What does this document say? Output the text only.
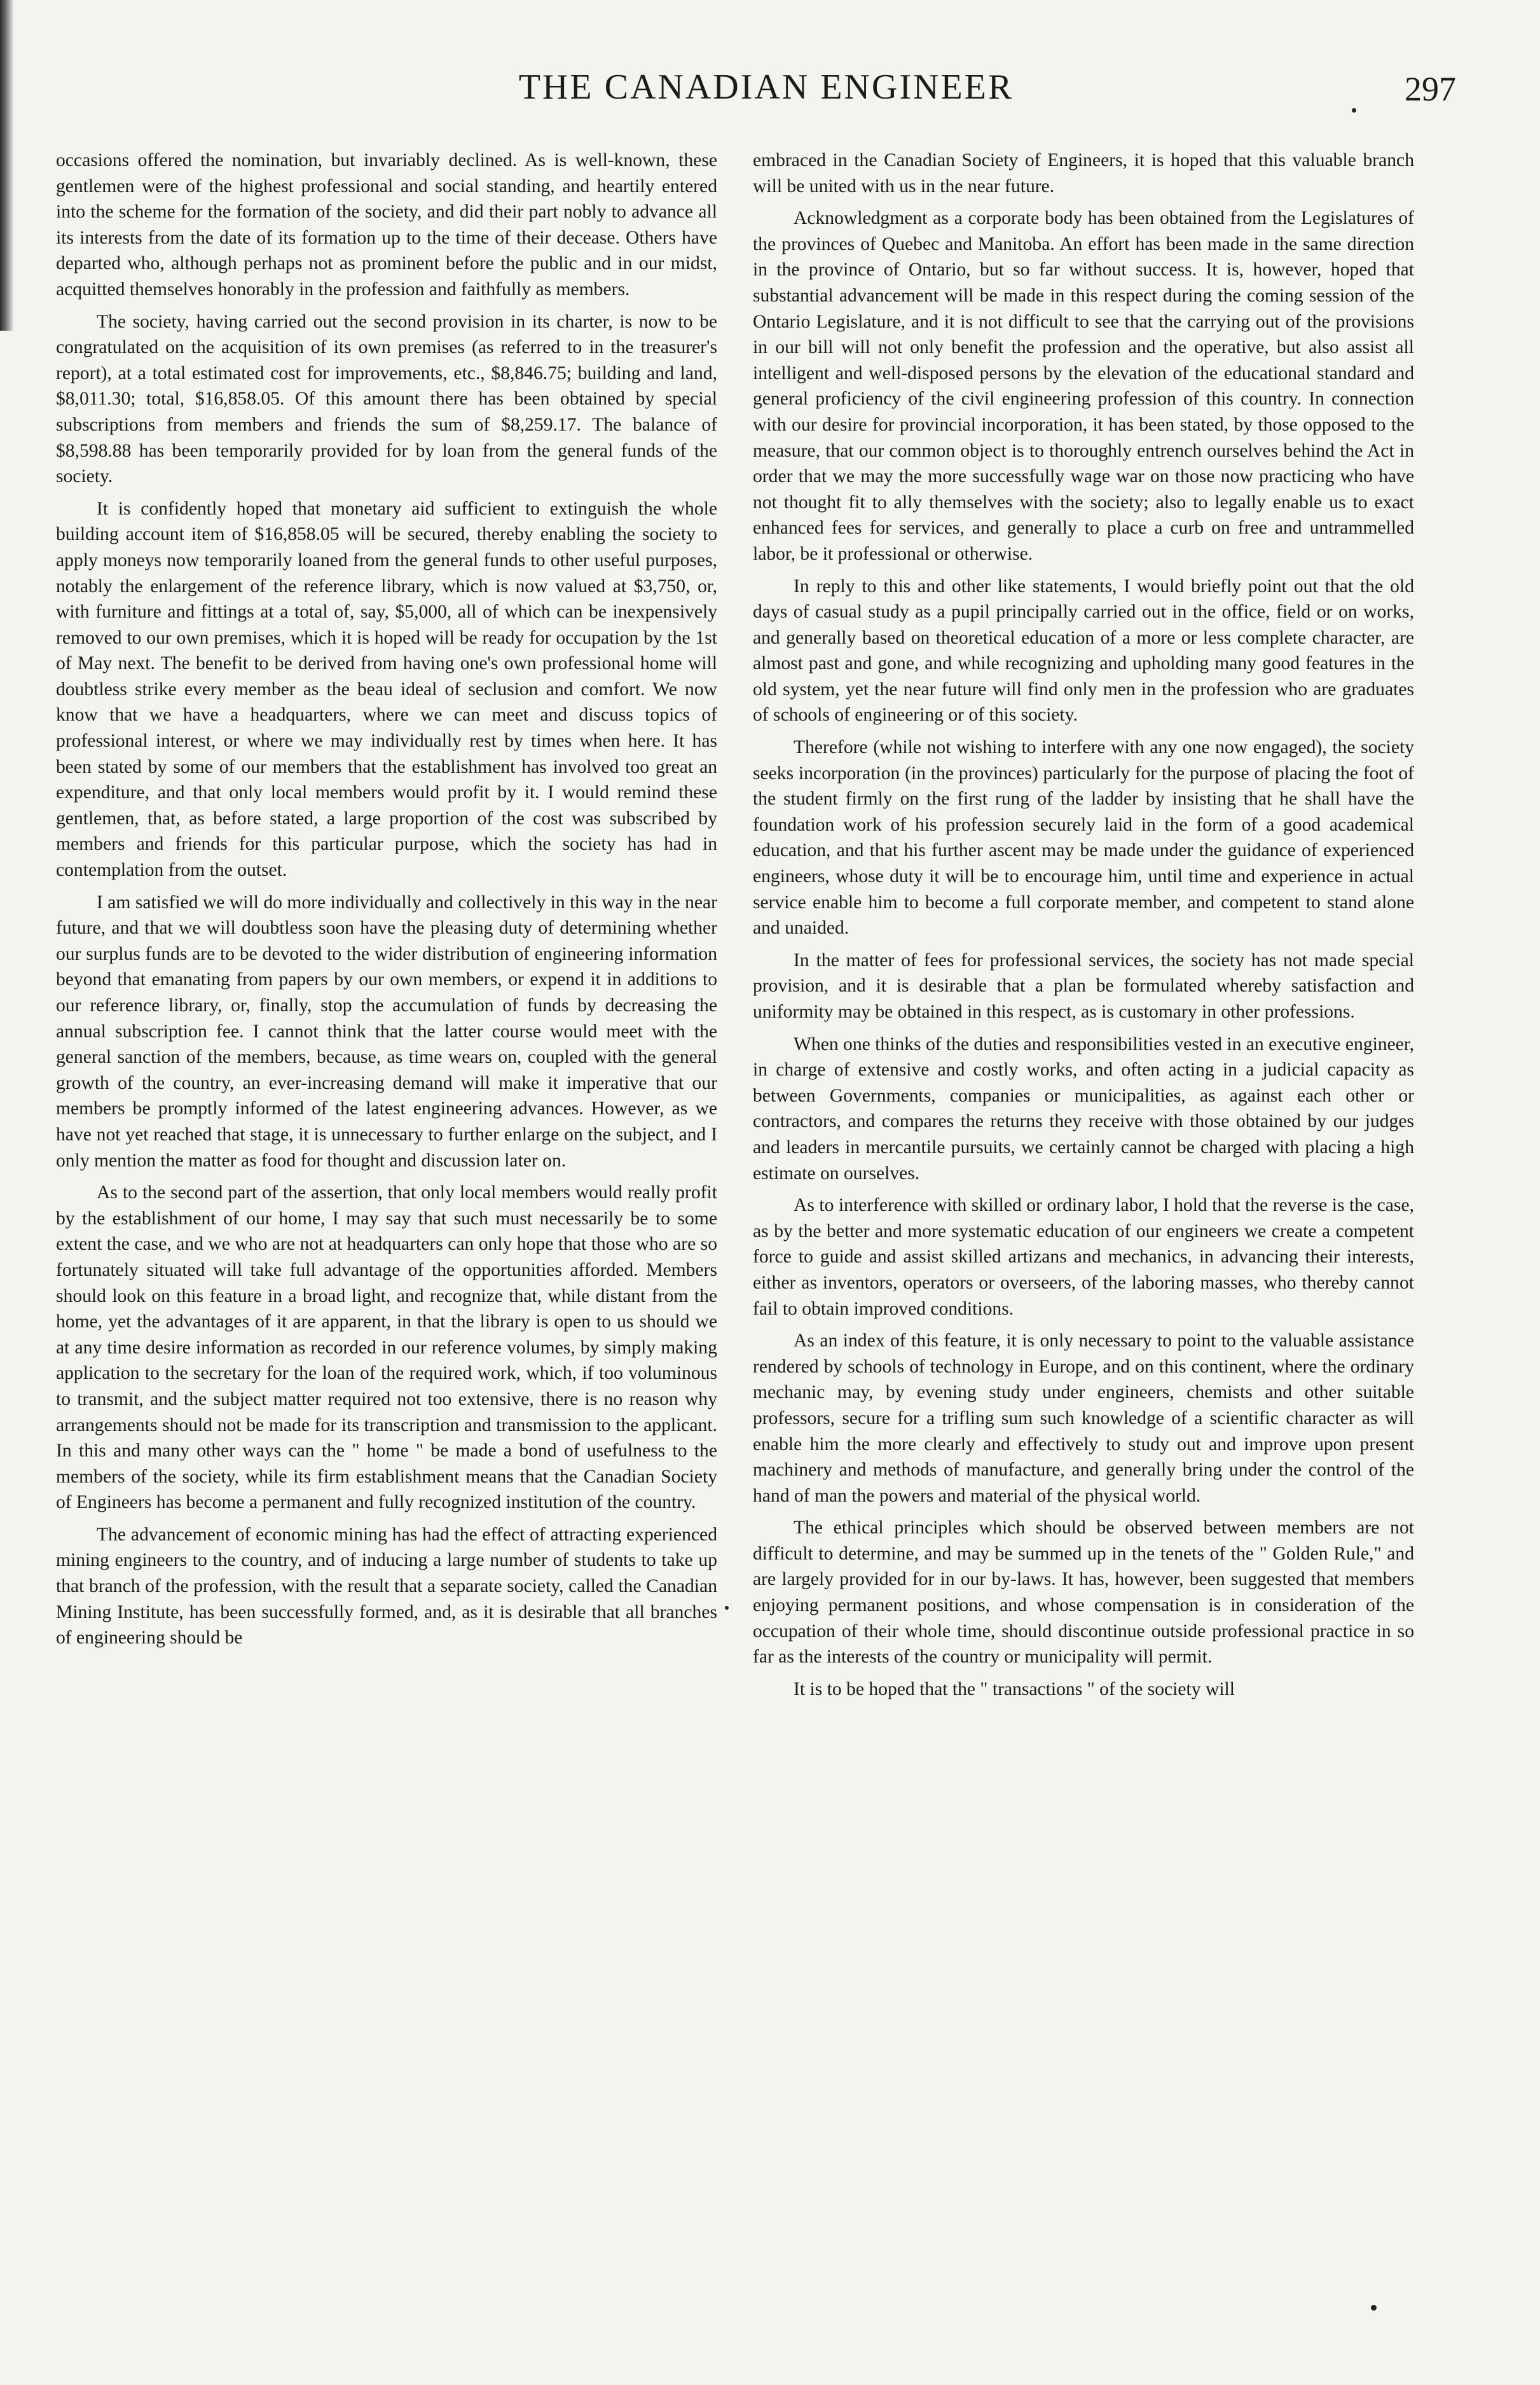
THE CANADIAN ENGINEER	297

occasions offered the nomination, but invariably declined. As is well-known, these gentlemen were of the highest professional and social standing, and heartily entered into the scheme for the formation of the society, and did their part nobly to advance all its interests from the date of its formation up to the time of their decease. Others have departed who, although perhaps not as prominent before the public and in our midst, acquitted themselves honorably in the profession and faithfully as members.

The society, having carried out the second provision in its charter, is now to be congratulated on the acquisition of its own premises (as referred to in the treasurer's report), at a total estimated cost for improvements, etc., $8,846.75; building and land, $8,011.30; total, $16,858.05. Of this amount there has been obtained by special subscriptions from members and friends the sum of $8,259.17. The balance of $8,598.88 has been temporarily provided for by loan from the general funds of the society.

It is confidently hoped that monetary aid sufficient to extinguish the whole building account item of $16,858.05 will be secured, thereby enabling the society to apply moneys now temporarily loaned from the general funds to other useful purposes, notably the enlargement of the reference library, which is now valued at $3,750, or, with furniture and fittings at a total of, say, $5,000, all of which can be inexpensively removed to our own premises, which it is hoped will be ready for occupation by the 1st of May next. The benefit to be derived from having one's own professional home will doubtless strike every member as the beau ideal of seclusion and comfort. We now know that we have a headquarters, where we can meet and discuss topics of professional interest, or where we may individually rest by times when here. It has been stated by some of our members that the establishment has involved too great an expenditure, and that only local members would profit by it. I would remind these gentlemen, that, as before stated, a large proportion of the cost was subscribed by members and friends for this particular purpose, which the society has had in contemplation from the outset.

I am satisfied we will do more individually and collectively in this way in the near future, and that we will doubtless soon have the pleasing duty of determining whether our surplus funds are to be devoted to the wider distribution of engineering information beyond that emanating from papers by our own members, or expend it in additions to our reference library, or, finally, stop the accumulation of funds by decreasing the annual subscription fee. I cannot think that the latter course would meet with the general sanction of the members, because, as time wears on, coupled with the general growth of the country, an ever-increasing demand will make it imperative that our members be promptly informed of the latest engineering advances. However, as we have not yet reached that stage, it is unnecessary to further enlarge on the subject, and I only mention the matter as food for thought and discussion later on.

As to the second part of the assertion, that only local members would really profit by the establishment of our home, I may say that such must necessarily be to some extent the case, and we who are not at headquarters can only hope that those who are so fortunately situated will take full advantage of the opportunities afforded. Members should look on this feature in a broad light, and recognize that, while distant from the home, yet the advantages of it are apparent, in that the library is open to us should we at any time desire information as recorded in our reference volumes, by simply making application to the secretary for the loan of the required work, which, if too voluminous to transmit, and the subject matter required not too extensive, there is no reason why arrangements should not be made for its transcription and transmission to the applicant. In this and many other ways can the " home " be made a bond of usefulness to the members of the society, while its firm establishment means that the Canadian Society of Engineers has become a permanent and fully recognized institution of the country.

The advancement of economic mining has had the effect of attracting experienced mining engineers to the country, and of inducing a large number of students to take up that branch of the profession, with the result that a separate society, called the Canadian Mining Institute, has been successfully formed, and, as it is desirable that all branches of engineering should be

embraced in the Canadian Society of Engineers, it is hoped that this valuable branch will be united with us in the near future.

Acknowledgment as a corporate body has been obtained from the Legislatures of the provinces of Quebec and Manitoba. An effort has been made in the same direction in the province of Ontario, but so far without success. It is, however, hoped that substantial advancement will be made in this respect during the coming session of the Ontario Legislature, and it is not difficult to see that the carrying out of the provisions in our bill will not only benefit the profession and the operative, but also assist all intelligent and well-disposed persons by the elevation of the educational standard and general proficiency of the civil engineering profession of this country. In connection with our desire for provincial incorporation, it has been stated, by those opposed to the measure, that our common object is to thoroughly entrench ourselves behind the Act in order that we may the more successfully wage war on those now practicing who have not thought fit to ally themselves with the society; also to legally enable us to exact enhanced fees for services, and generally to place a curb on free and untrammelled labor, be it professional or otherwise.

In reply to this and other like statements, I would briefly point out that the old days of casual study as a pupil principally carried out in the office, field or on works, and generally based on theoretical education of a more or less complete character, are almost past and gone, and while recognizing and upholding many good features in the old system, yet the near future will find only men in the profession who are graduates of schools of engineering or of this society.

Therefore (while not wishing to interfere with any one now engaged), the society seeks incorporation (in the provinces) particularly for the purpose of placing the foot of the student firmly on the first rung of the ladder by insisting that he shall have the foundation work of his profession securely laid in the form of a good academical education, and that his further ascent may be made under the guidance of experienced engineers, whose duty it will be to encourage him, until time and experience in actual service enable him to become a full corporate member, and competent to stand alone and unaided.

In the matter of fees for professional services, the society has not made special provision, and it is desirable that a plan be formulated whereby satisfaction and uniformity may be obtained in this respect, as is customary in other professions.

When one thinks of the duties and responsibilities vested in an executive engineer, in charge of extensive and costly works, and often acting in a judicial capacity as between Governments, companies or municipalities, as against each other or contractors, and compares the returns they receive with those obtained by our judges and leaders in mercantile pursuits, we certainly cannot be charged with placing a high estimate on ourselves.

As to interference with skilled or ordinary labor, I hold that the reverse is the case, as by the better and more systematic education of our engineers we create a competent force to guide and assist skilled artizans and mechanics, in advancing their interests, either as inventors, operators or overseers, of the laboring masses, who thereby cannot fail to obtain improved conditions.

As an index of this feature, it is only necessary to point to the valuable assistance rendered by schools of technology in Europe, and on this continent, where the ordinary mechanic may, by evening study under engineers, chemists and other suitable professors, secure for a trifling sum such knowledge of a scientific character as will enable him the more clearly and effectively to study out and improve upon present machinery and methods of manufacture, and generally bring under the control of the hand of man the powers and material of the physical world.

The ethical principles which should be observed between members are not difficult to determine, and may be summed up in the tenets of the " Golden Rule," and are largely provided for in our by-laws. It has, however, been suggested that members enjoying permanent positions, and whose compensation is in consideration of the occupation of their whole time, should discontinue outside professional practice in so far as the interests of the country or municipality will permit.

It is to be hoped that the " transactions " of the society will
